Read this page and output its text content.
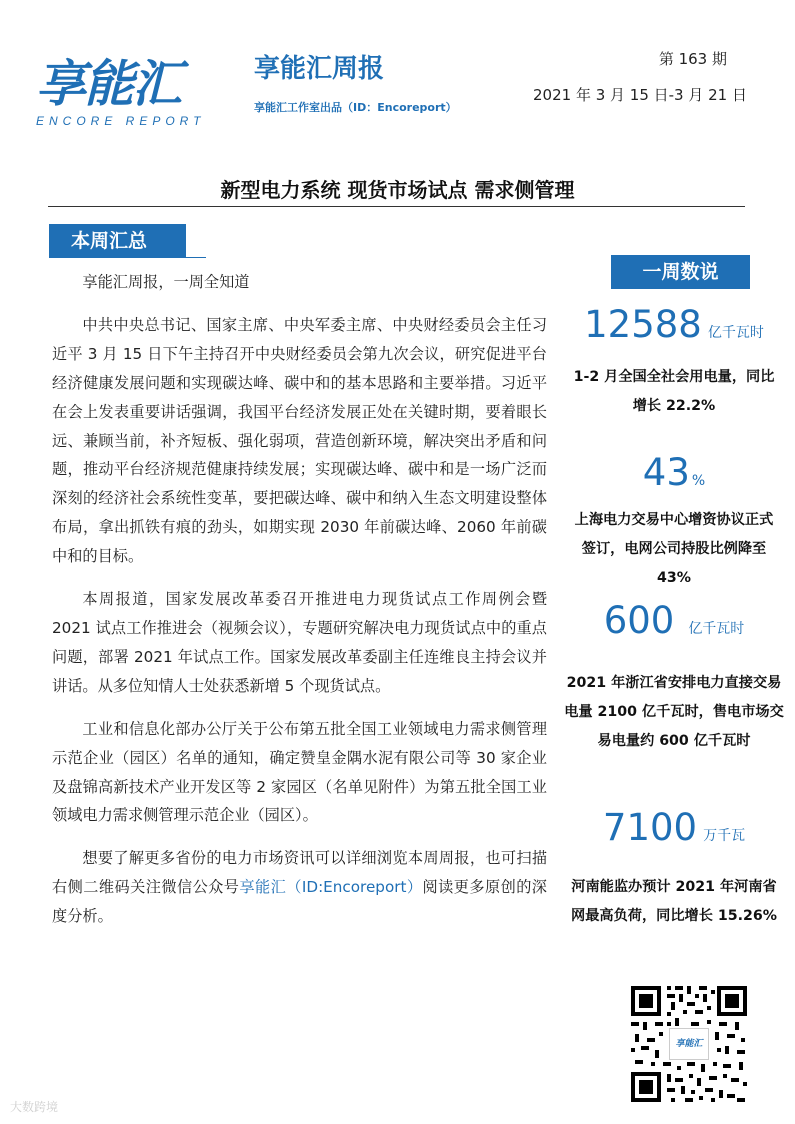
享能汇
ENCORE REPORT
享能汇周报
享能汇工作室出品（ID：Encoreport）
第 163 期
2021 年 3 月 15 日-3 月 21 日
新型电力系统 现货市场试点 需求侧管理
本周汇总

享能汇周报，一周全知道

中共中央总书记、国家主席、中央军委主席、中央财经委员会主任习近平 3 月 15 日下午主持召开中央财经委员会第九次会议，研究促进平台经济健康发展问题和实现碳达峰、碳中和的基本思路和主要举措。习近平在会上发表重要讲话强调，我国平台经济发展正处在关键时期，要着眼长远、兼顾当前，补齐短板、强化弱项，营造创新环境，解决突出矛盾和问题，推动平台经济规范健康持续发展；实现碳达峰、碳中和是一场广泛而深刻的经济社会系统性变革，要把碳达峰、碳中和纳入生态文明建设整体布局，拿出抓铁有痕的劲头，如期实现 2030 年前碳达峰、2060 年前碳中和的目标。

本周报道，国家发展改革委召开推进电力现货试点工作周例会暨 2021 试点工作推进会（视频会议），专题研究解决电力现货试点中的重点问题，部署 2021 年试点工作。国家发展改革委副主任连维良主持会议并讲话。从多位知情人士处获悉新增 5 个现货试点。

工业和信息化部办公厅关于公布第五批全国工业领域电力需求侧管理示范企业（园区）名单的通知，确定赞皇金隅水泥有限公司等 30 家企业及盘锦高新技术产业开发区等 2 家园区（名单见附件）为第五批全国工业领域电力需求侧管理示范企业（园区）。

想要了解更多省份的电力市场资讯可以详细浏览本周周报，也可扫描右侧二维码关注微信公众号享能汇（ID:Encoreport）阅读更多原创的深度分析。

一周数说
12588 亿千瓦时
1-2 月全国全社会用电量，同比增长 22.2%
43 %
上海电力交易中心增资协议正式签订，电网公司持股比例降至 43%
600 亿千瓦时
2021 年浙江省安排电力直接交易电量 2100 亿千瓦时，售电市场交易电量约 600 亿千瓦时
7100 万千瓦
河南能监办预计 2021 年河南省网最高负荷，同比增长 15.26%
享能汇
大数跨境
